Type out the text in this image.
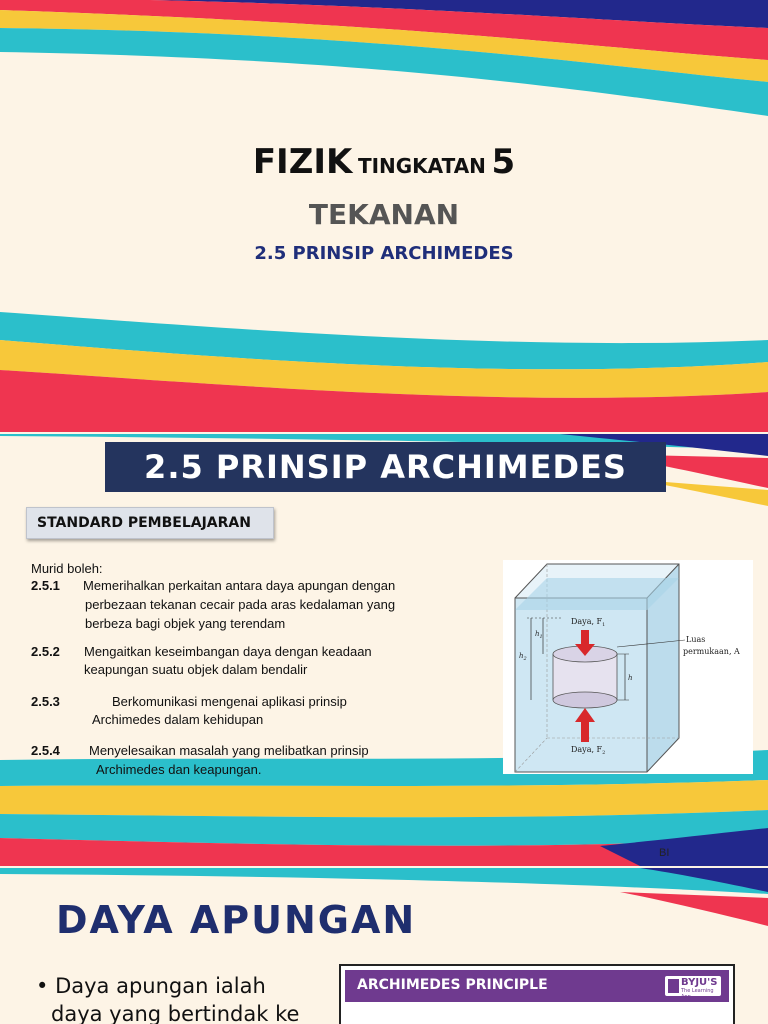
FIZIK TINGKATAN 5
TEKANAN
2.5 PRINSIP ARCHIMEDES
2.5 PRINSIP ARCHIMEDES
STANDARD PEMBELAJARAN
Murid boleh:
2.5.1 Memerihalkan perkaitan antara daya apungan dengan
perbezaan tekanan cecair pada aras kedalaman yang
berbeza bagi objek yang terendam
2.5.2 Mengaitkan keseimbangan daya dengan keadaan
keapungan suatu objek dalam bendalir
2.5.3	Berkomunikasi mengenai aplikasi prinsip
Archimedes dalam kehidupan
2.5.4 Menyelesaikan masalah yang melibatkan prinsip
Archimedes dan keapungan.
Daya, $F_1$
Daya, $F_2$
Luas
permukaan, A
$h_1$
$h_2$
h
BI
DAYA APUNGAN
• Daya apungan ialah
daya yang bertindak ke
ARCHIMEDES PRINCIPLE	BYJU'S
The Learning App
